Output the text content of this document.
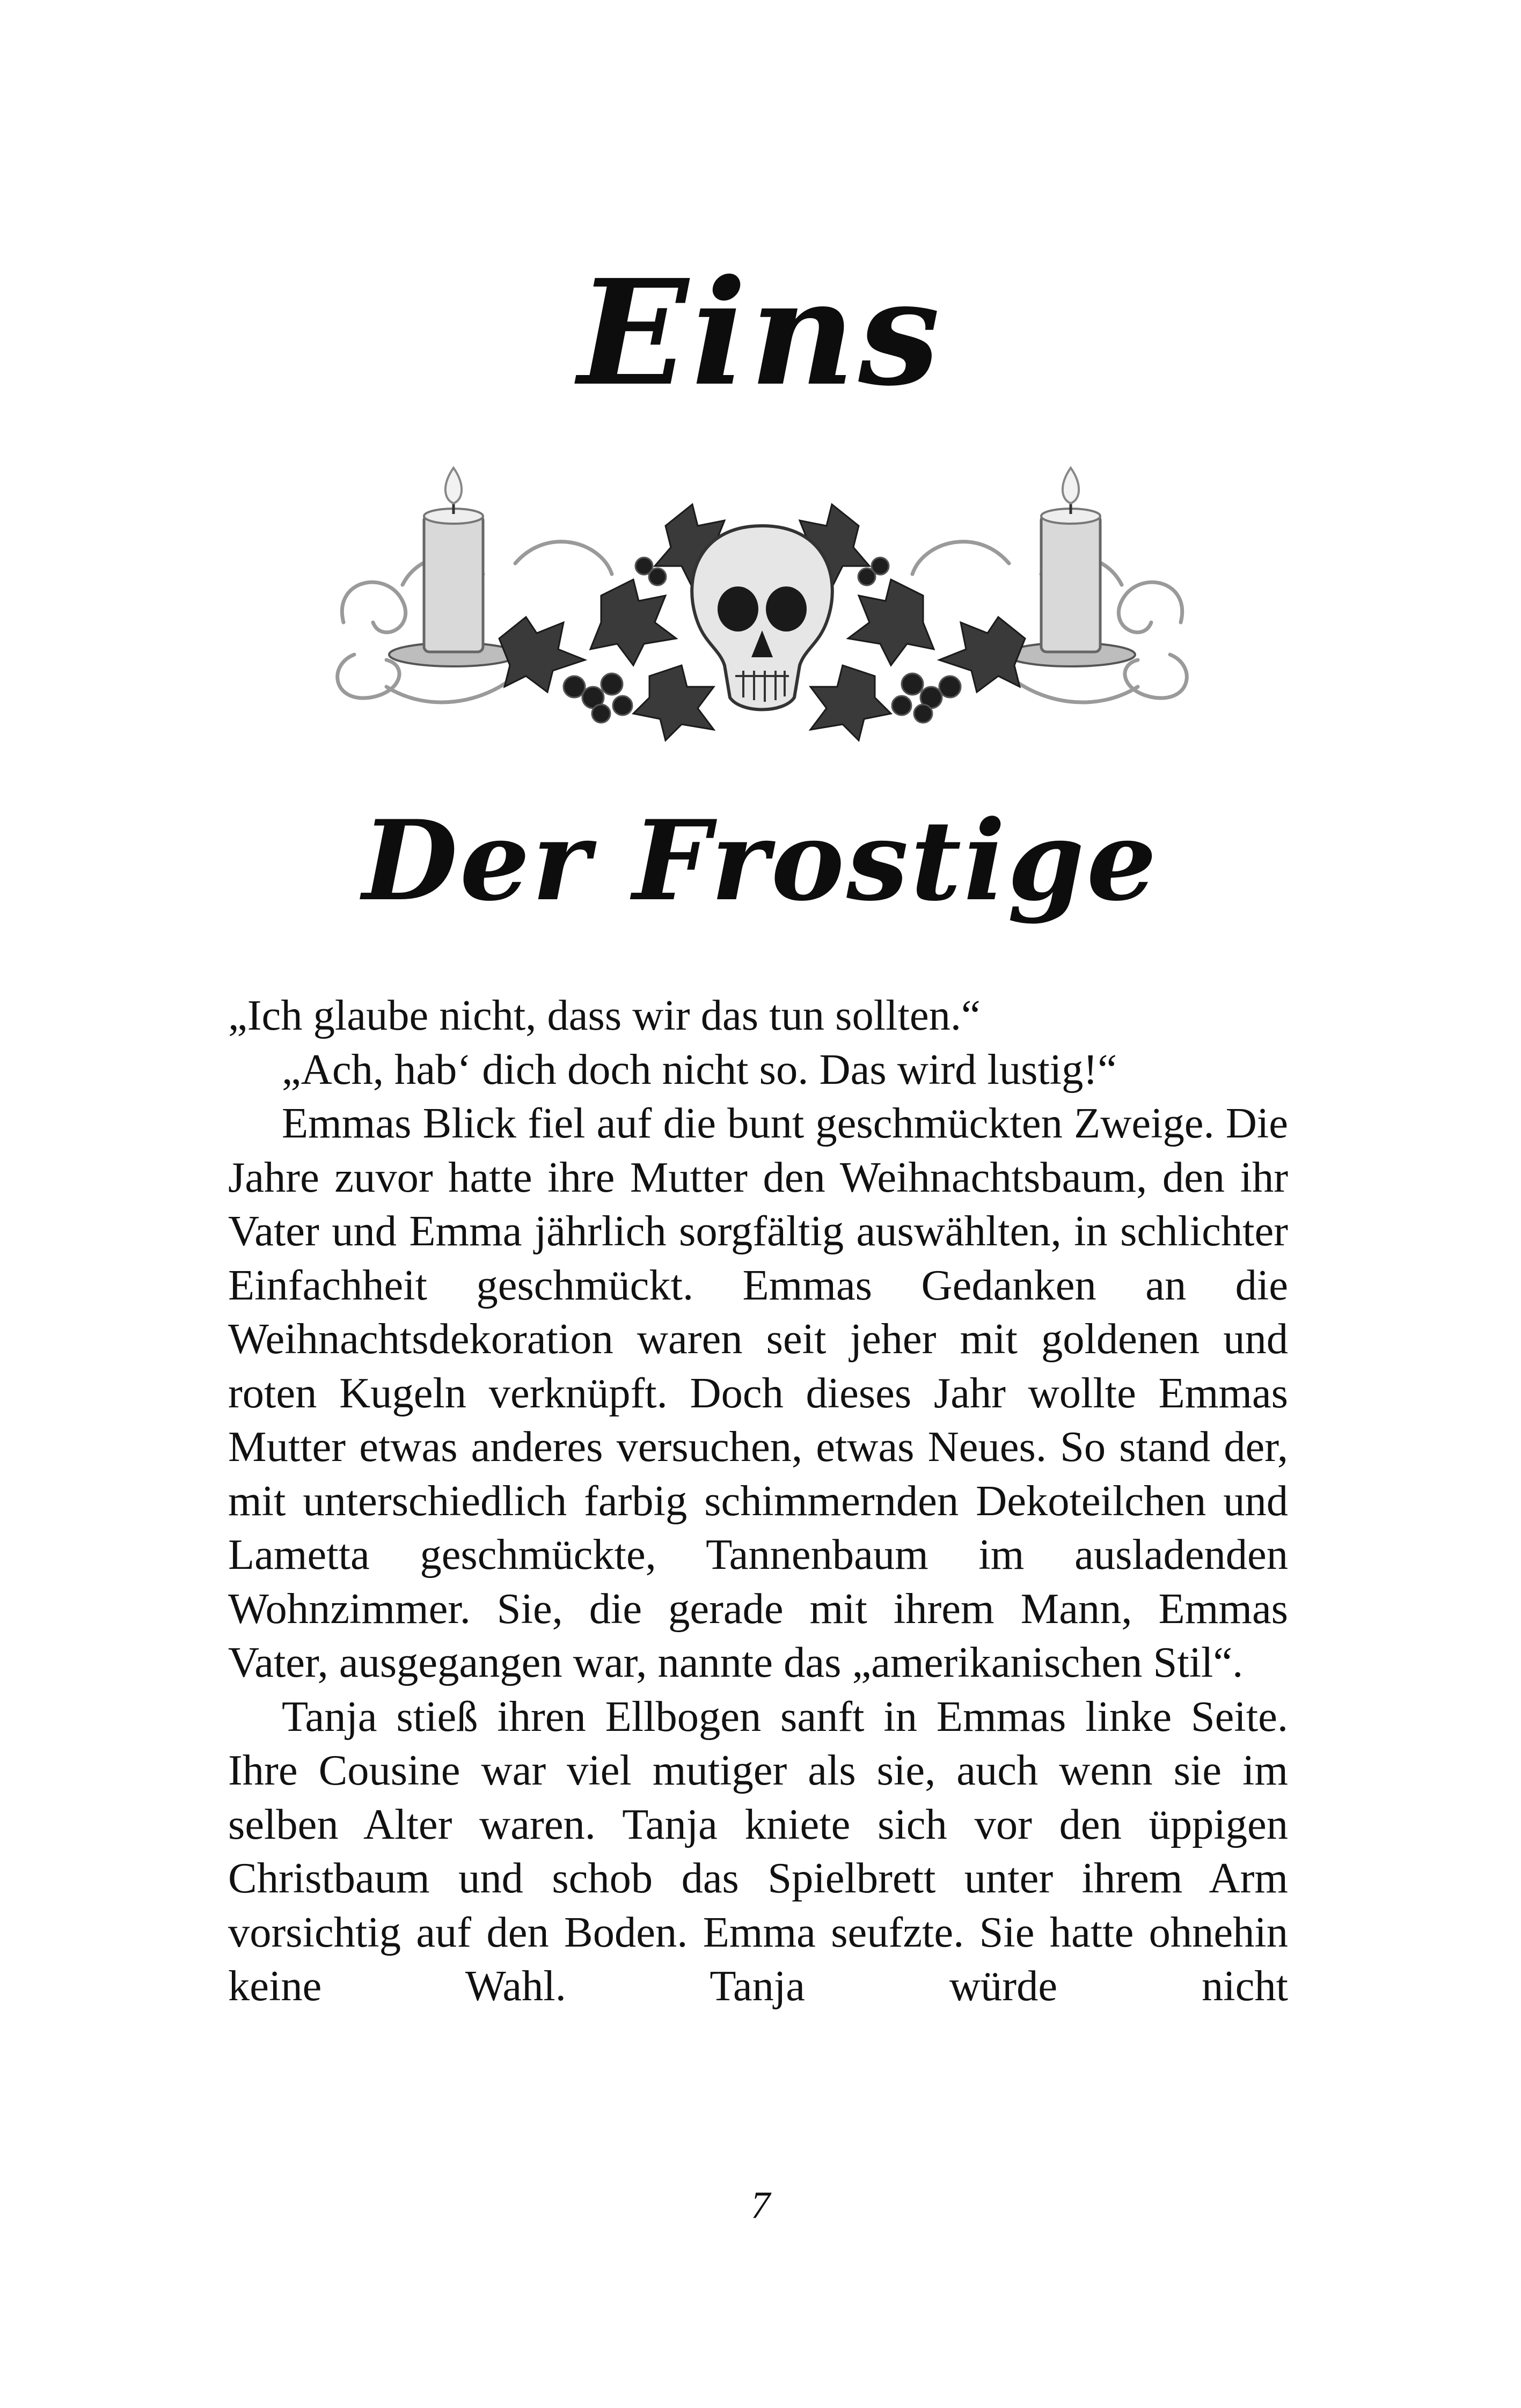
Eins
Der Frostige

„Ich glaube nicht, dass wir das tun sollten.“

„Ach, hab‘ dich doch nicht so. Das wird lustig!“

Emmas Blick fiel auf die bunt geschmückten Zweige. Die Jahre zuvor hatte ihre Mutter den Weihnachtsbaum, den ihr Vater und Emma jährlich sorgfältig auswählten, in schlichter Einfachheit geschmückt. Emmas Gedanken an die Weihnachtsdekoration waren seit jeher mit goldenen und roten Kugeln verknüpft. Doch dieses Jahr wollte Emmas Mutter etwas anderes versuchen, etwas Neues. So stand der, mit unterschiedlich farbig schimmernden Dekoteilchen und Lametta geschmückte, Tannenbaum im ausladenden Wohnzimmer. Sie, die gerade mit ihrem Mann, Emmas Vater, ausgegangen war, nannte das „amerikanischen Stil“.

Tanja stieß ihren Ellbogen sanft in Emmas linke Seite. Ihre Cousine war viel mutiger als sie, auch wenn sie im selben Alter waren. Tanja kniete sich vor den üppigen Christbaum und schob das Spielbrett unter ihrem Arm vorsichtig auf den Boden. Emma seufzte. Sie hatte ohnehin keine Wahl. Tanja würde nicht

7
